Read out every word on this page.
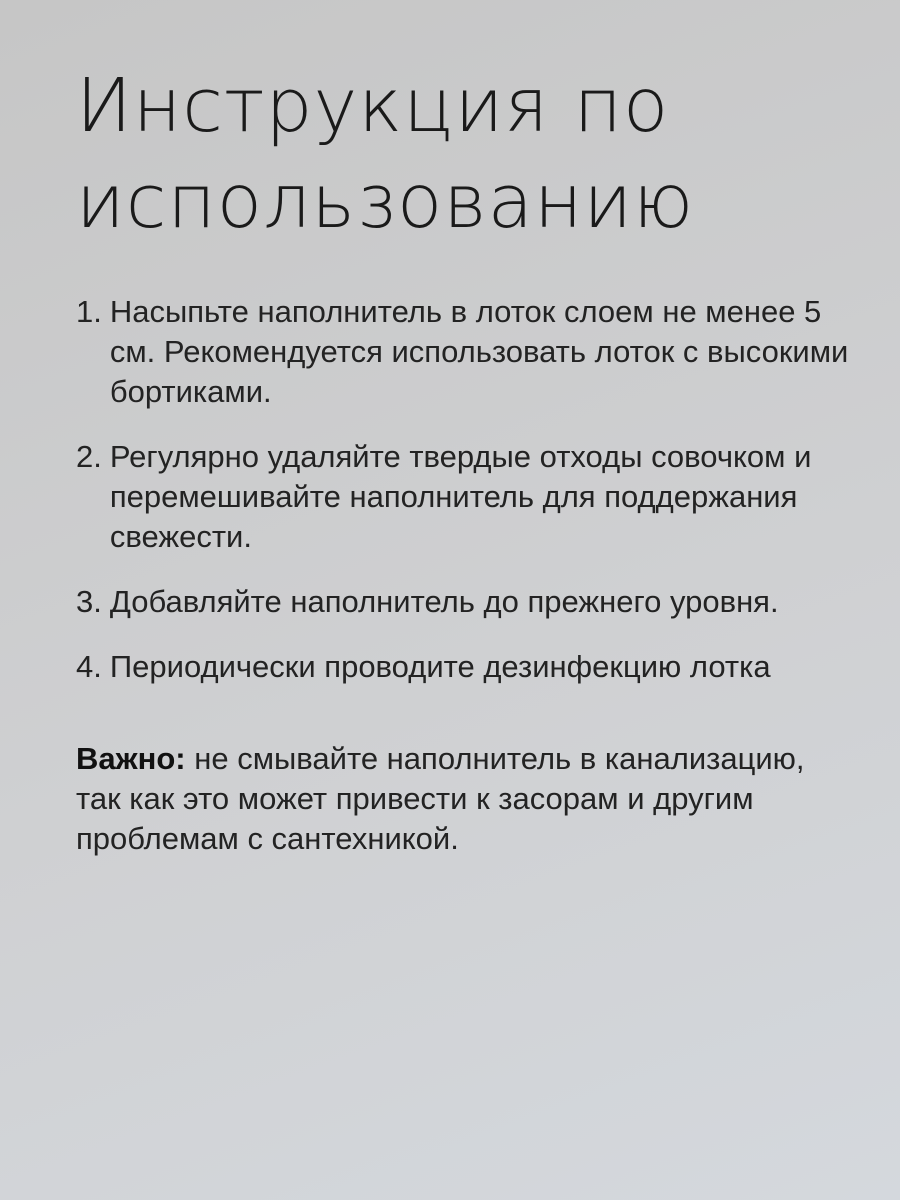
Инструкция по
использованию
1. Насыпьте наполнитель в лоток слоем не менее 5 см. Рекомендуется использовать лоток с высокими бортиками.
2. Регулярно удаляйте твердые отходы совочком и перемешивайте наполнитель для поддержания свежести.
3. Добавляйте наполнитель до прежнего уровня.
4. Периодически проводите дезинфекцию лотка

Важно: не смывайте наполнитель в канализацию, так как это может привести к засорам и другим проблемам с сантехникой.
